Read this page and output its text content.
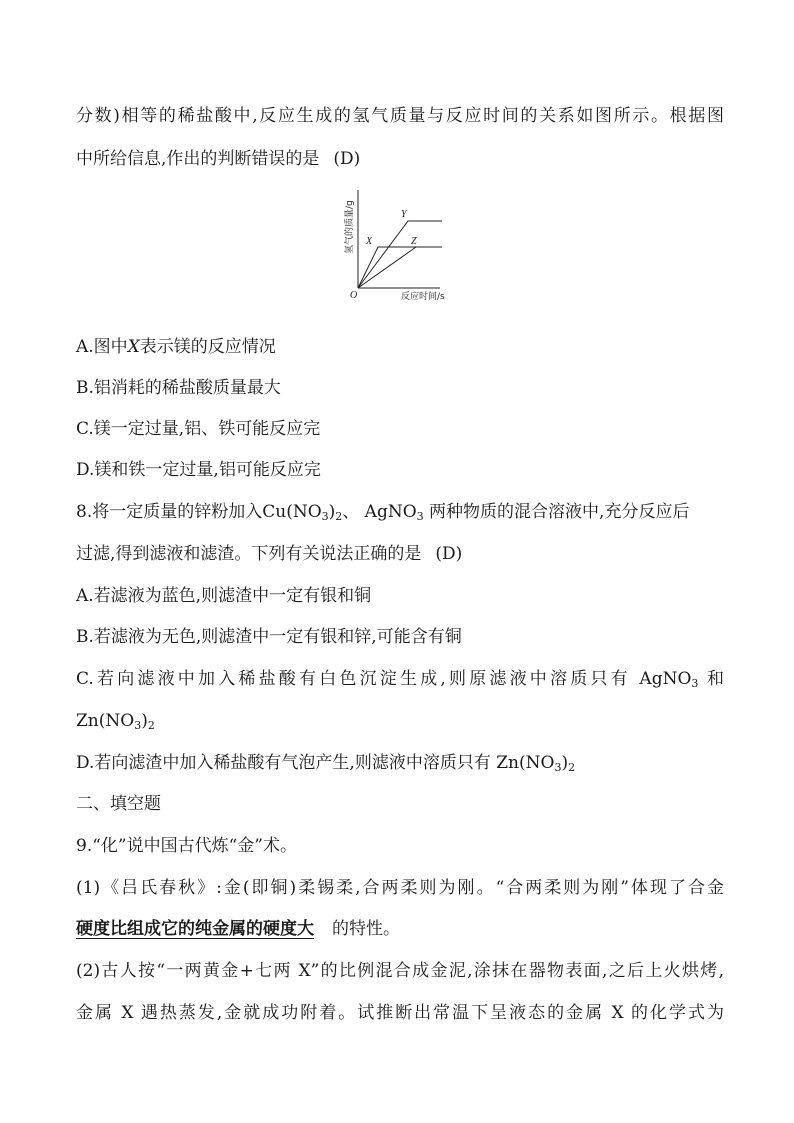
分数)相等的稀盐酸中,反应生成的氢气质量与反应时间的关系如图所示。根据图
中所给信息,作出的判断错误的是 (D)
Y
X	Z
O	反应时间/s
氢气的质量/g
A.图中X表示镁的反应情况
B.铝消耗的稀盐酸质量最大
C.镁一定过量,铝、铁可能反应完
D.镁和铁一定过量,铝可能反应完
8.将一定质量的锌粉加入$Cu(NO_3)_2$、 AgNO$_3$ 两种物质的混合溶液中,充分反应后
过滤,得到滤液和滤渣。下列有关说法正确的是 (D)
A.若滤液为蓝色,则滤渣中一定有银和铜
B.若滤液为无色,则滤渣中一定有银和锌,可能含有铜
C.若向滤液中加入稀盐酸有白色沉淀生成,则原滤液中溶质只有 AgNO$_3$ 和
$Zn(NO_3)_2$
D.若向滤渣中加入稀盐酸有气泡产生,则滤液中溶质只有 $Zn(NO_3)_2$
二、填空题
9.“化”说中国古代炼“金”术。
(1)《吕氏春秋》:金(即铜)柔锡柔,合两柔则为刚。“合两柔则为刚”体现了合金
硬度比组成它的纯金属的硬度大 的特性。
(2)古人按“一两黄金+七两 X”的比例混合成金泥,涂抹在器物表面,之后上火烘烤,
金属 X 遇热蒸发,金就成功附着。试推断出常温下呈液态的金属 X 的化学式为
